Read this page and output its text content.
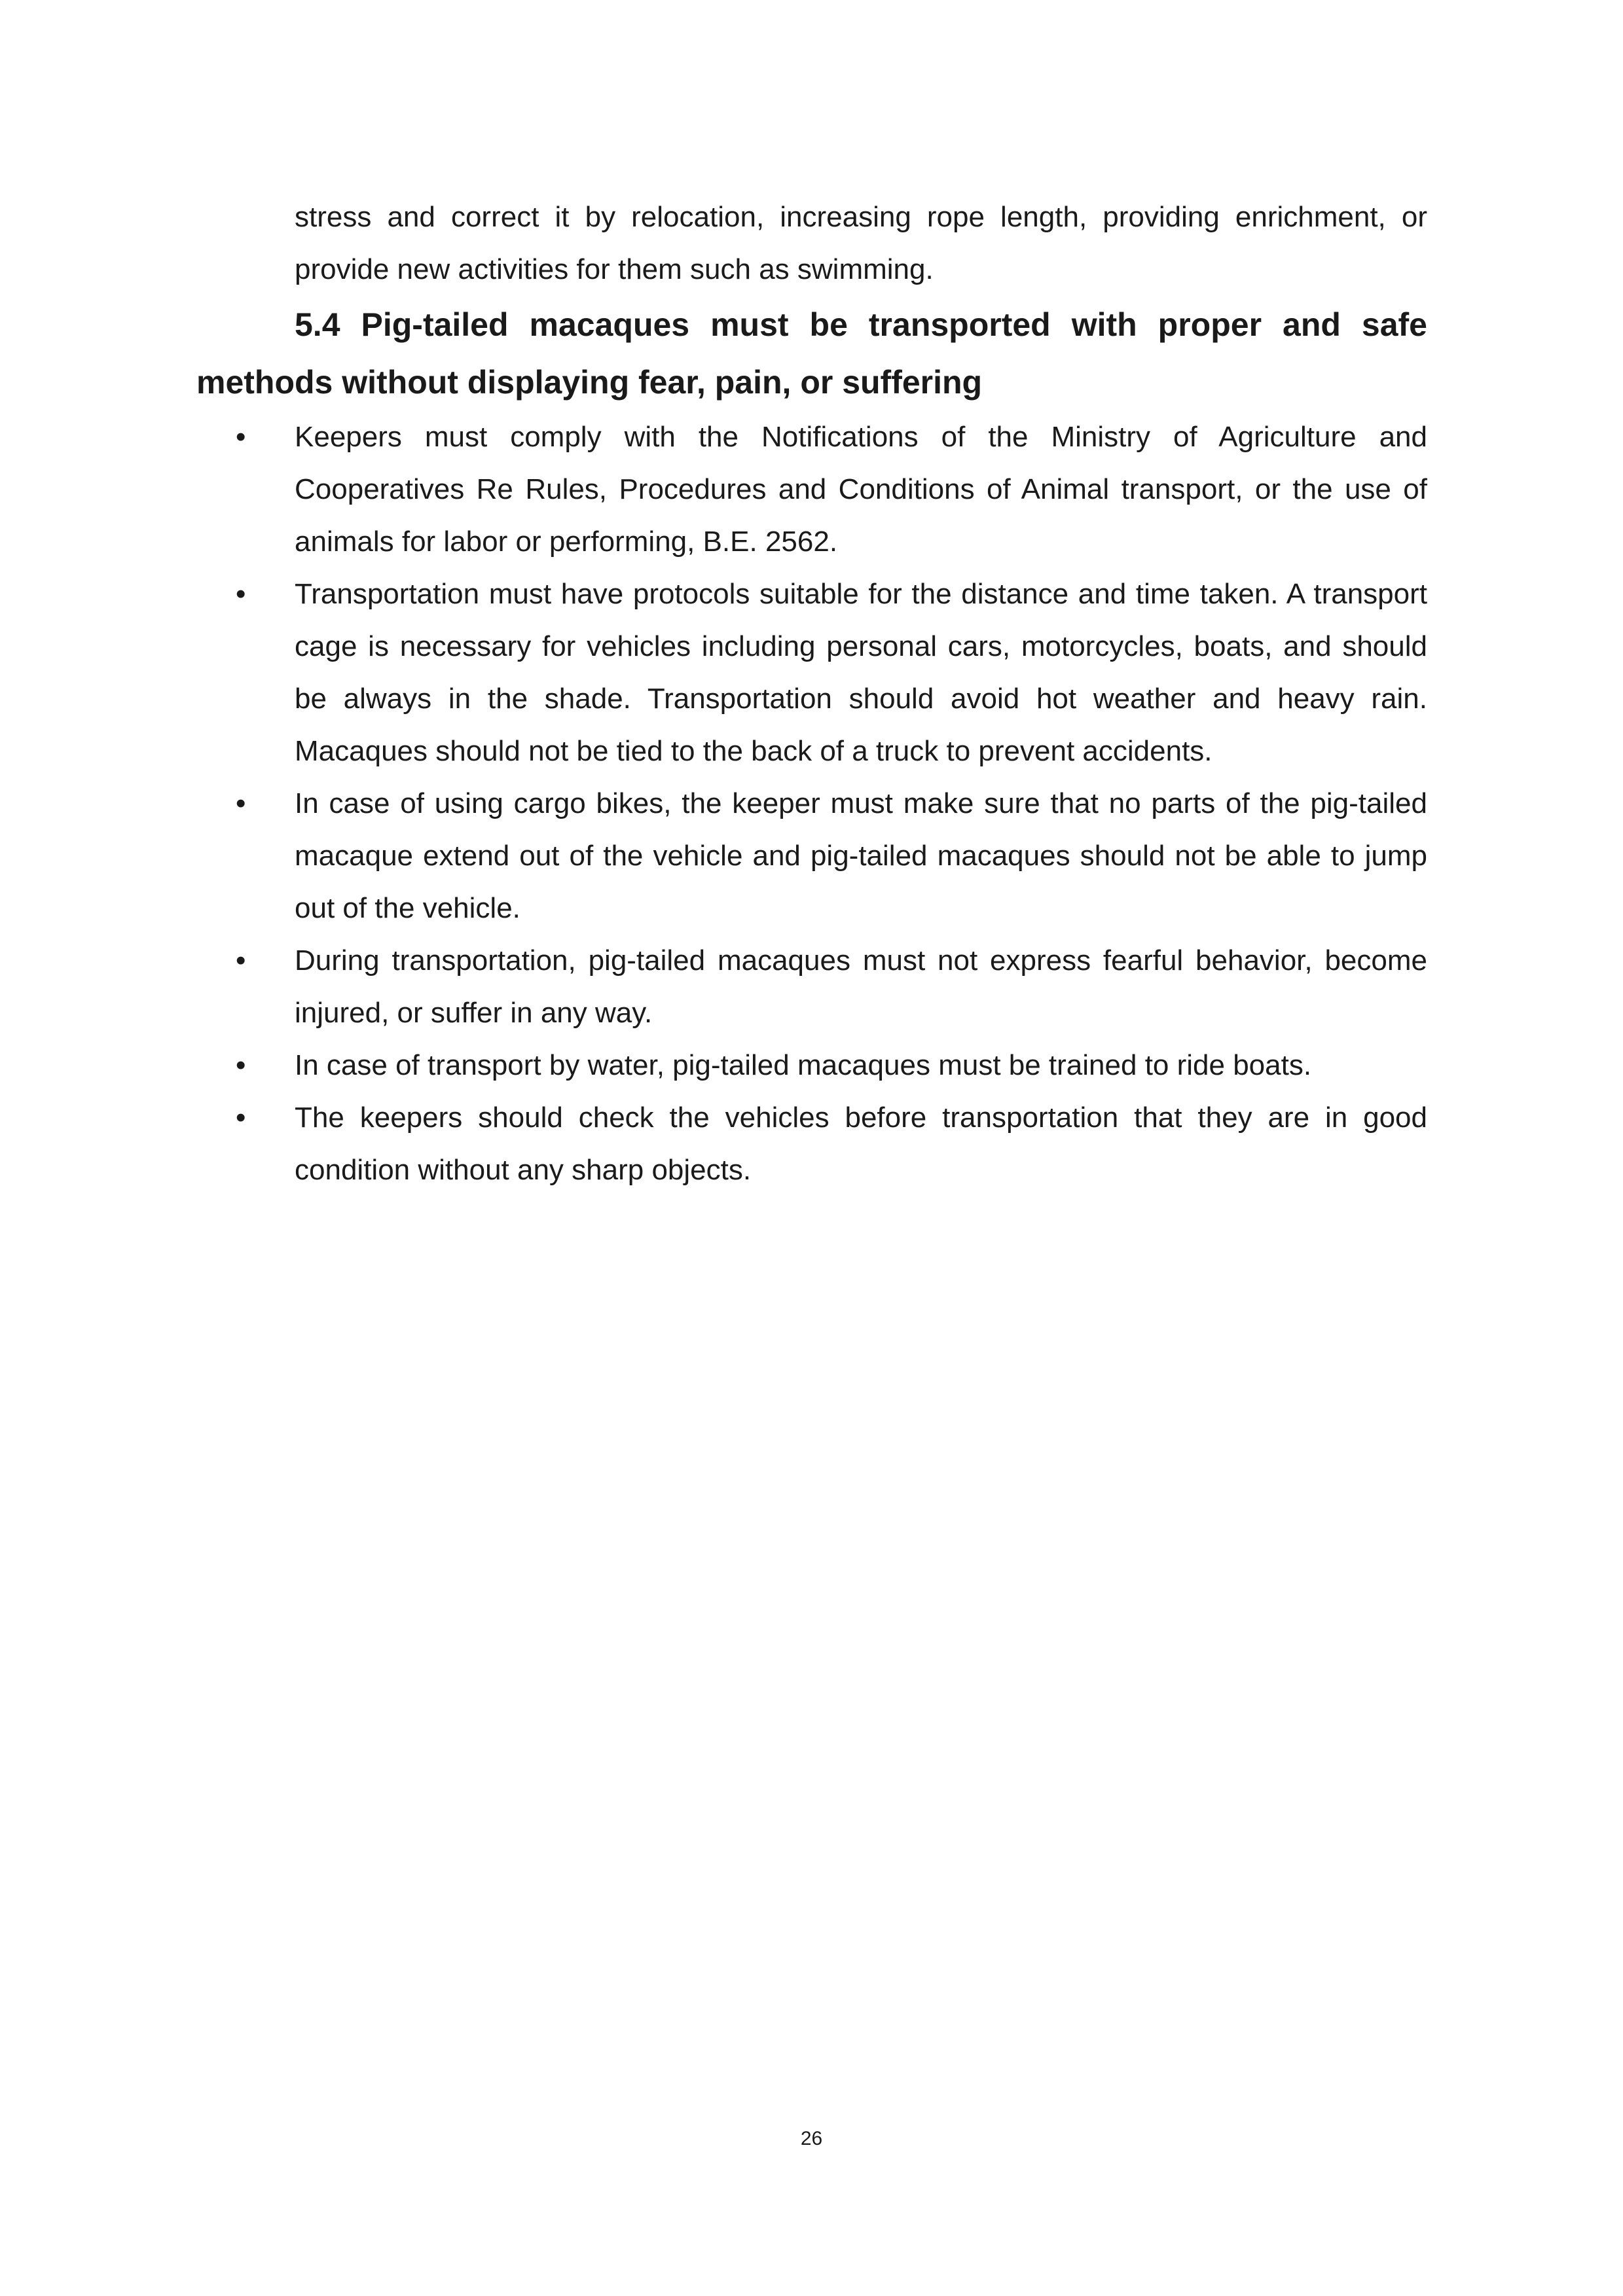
stress and correct it by relocation, increasing rope length, providing enrichment, or provide new activities for them such as swimming.

5.4 Pig-tailed macaques must be transported with proper and safe methods without displaying fear, pain, or suffering

• Keepers must comply with the Notifications of the Ministry of Agriculture and Cooperatives Re Rules, Procedures and Conditions of Animal transport, or the use of animals for labor or performing, B.E. 2562.
• Transportation must have protocols suitable for the distance and time taken. A transport cage is necessary for vehicles including personal cars, motorcycles, boats, and should be always in the shade. Transportation should avoid hot weather and heavy rain. Macaques should not be tied to the back of a truck to prevent accidents.
• In case of using cargo bikes, the keeper must make sure that no parts of the pig-tailed macaque extend out of the vehicle and pig-tailed macaques should not be able to jump out of the vehicle.
• During transportation, pig-tailed macaques must not express fearful behavior, become injured, or suffer in any way.
• In case of transport by water, pig-tailed macaques must be trained to ride boats.
• The keepers should check the vehicles before transportation that they are in good condition without any sharp objects.
26
